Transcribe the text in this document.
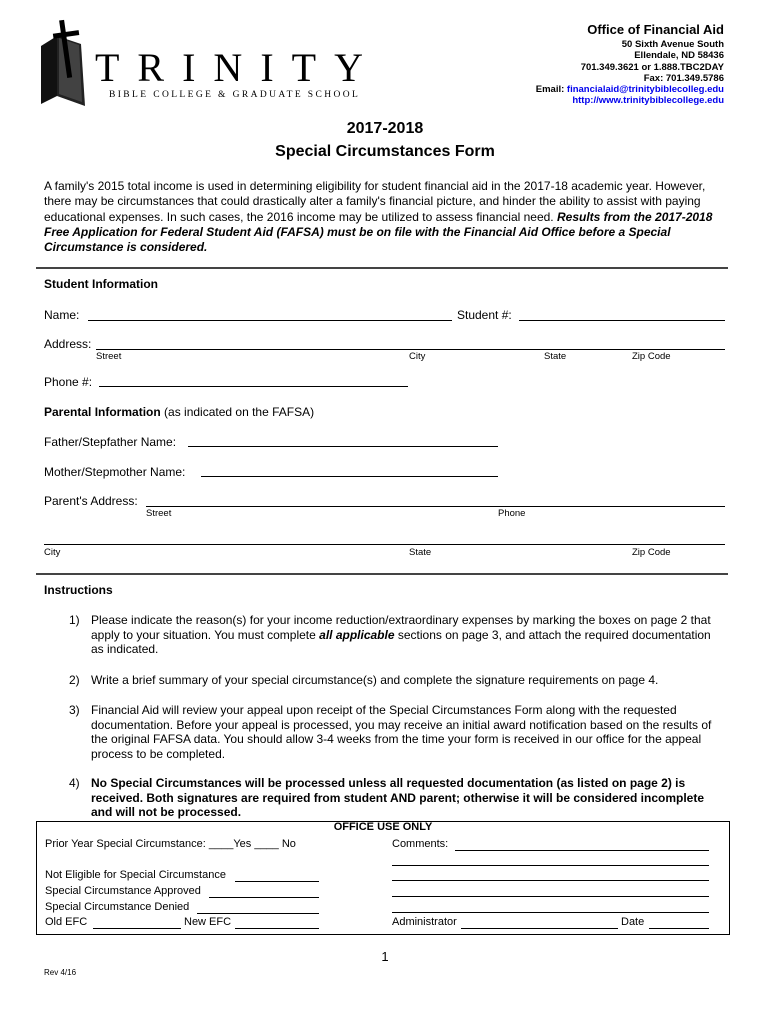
TRINITY
BIBLE COLLEGE & GRADUATE SCHOOL
Office of Financial Aid
50 Sixth Avenue South
Ellendale, ND 58436
701.349.3621 or 1.888.TBC2DAY
Fax: 701.349.5786
Email: financialaid@trinitybiblecolleg.edu
http://www.trinitybiblecollege.edu
2017-2018
Special Circumstances Form
A family's 2015 total income is used in determining eligibility for student financial aid in the 2017-18 academic year. However, there may be circumstances that could drastically alter a family's financial picture, and hinder the ability to assist with paying educational expenses. In such cases, the 2016 income may be utilized to assess financial need. Results from the 2017-2018 Free Application for Federal Student Aid (FAFSA) must be on file with the Financial Aid Office before a Special Circumstance is considered.
Student Information
Name:	Student #:
Address:
Street	City	State	Zip Code
Phone #:
Parental Information (as indicated on the FAFSA)
Father/Stepfather Name:
Mother/Stepmother Name:
Parent's Address:
Street	Phone
City	State	Zip Code
Instructions
1) Please indicate the reason(s) for your income reduction/extraordinary expenses by marking the boxes on page 2 that apply to your situation. You must complete all applicable sections on page 3, and attach the required documentation as indicated.
2) Write a brief summary of your special circumstance(s) and complete the signature requirements on page 4.
3) Financial Aid will review your appeal upon receipt of the Special Circumstances Form along with the requested documentation. Before your appeal is processed, you may receive an initial award notification based on the results of the original FAFSA data. You should allow 3-4 weeks from the time your form is received in our office for the appeal process to be completed.
4) No Special Circumstances will be processed unless all requested documentation (as listed on page 2) is received. Both signatures are required from student AND parent; otherwise it will be considered incomplete and will not be processed.
OFFICE USE ONLY
Prior Year Special Circumstance: ____Yes ____ No	Comments:
Not Eligible for Special Circumstance
Special Circumstance Approved
Special Circumstance Denied
Old EFC	New EFC	Administrator	Date
1
Rev 4/16
